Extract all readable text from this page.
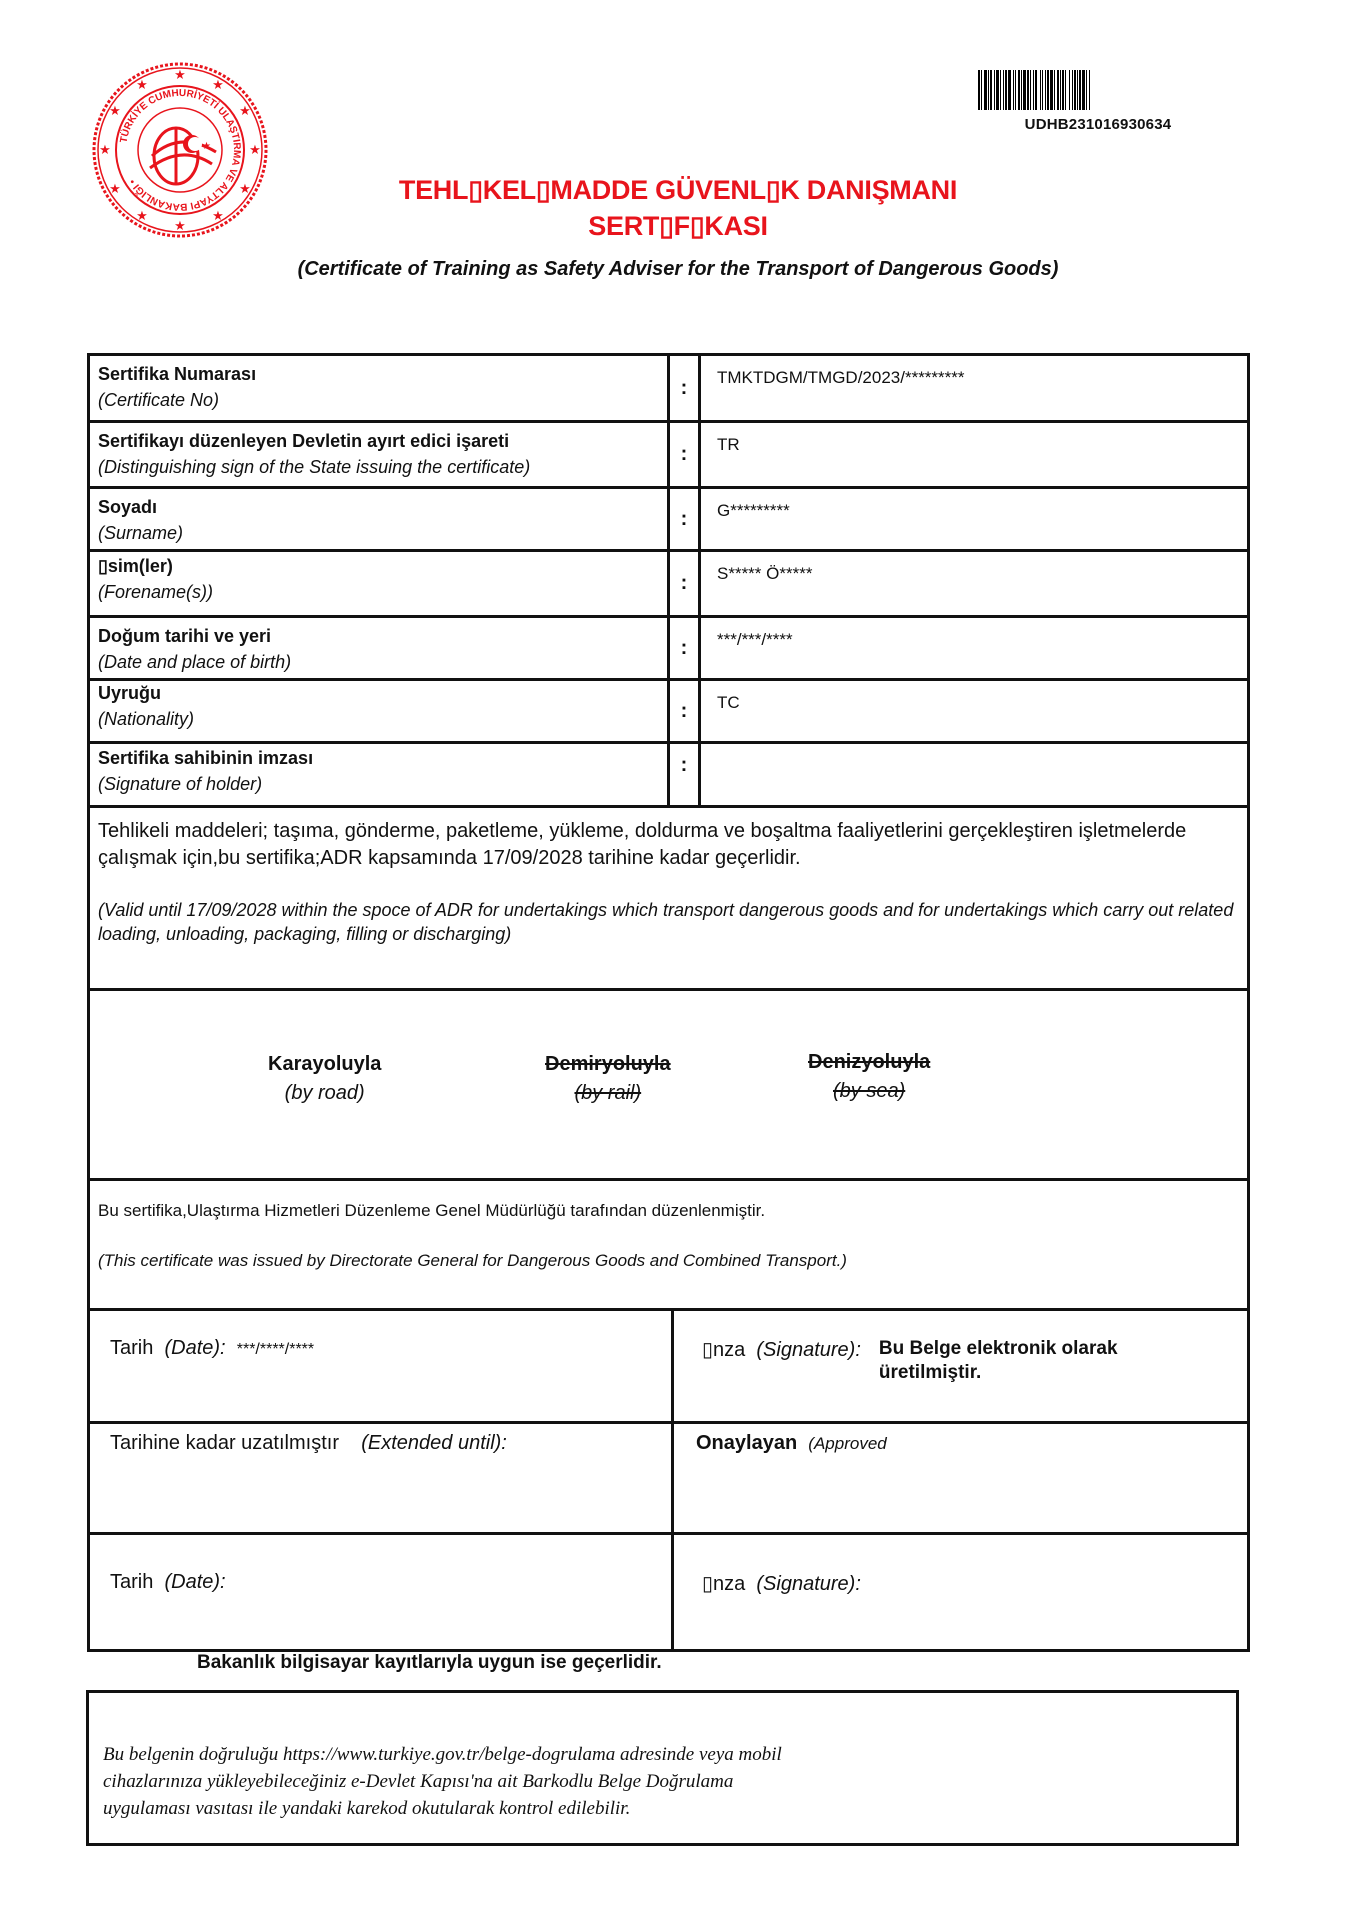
★
★
★
★
★
★
★
★
★
★
★
★
TÜRKİYE CUMHURİYETİ ULAŞTIRMA VE ALTYAPI BAKANLIĞI •
★
UDHB231016930634
TEHL▯KEL▯MADDE GÜVENL▯K DANIŞMANI
SERT▯F▯KASI
(Certificate of Training as Safety Adviser for the Transport of Dangerous Goods)
Sertifika Numarası
(Certificate No)
:	TMKTDGM/TMGD/2023/*********
Sertifikayı düzenleyen Devletin ayırt edici işareti
(Distinguishing sign of the State issuing the certificate)
:	TR
Soyadı
(Surname)
:	G*********
▯sim(ler)
(Forename(s))	:	S***** Ö*****
Doğum tarihi ve yeri
(Date and place of birth)
:	***/***/****
Uyruğu
(Nationality)	:	TC
Sertifika sahibinin imzası
(Signature of holder)
:
Tehlikeli maddeleri; taşıma, gönderme, paketleme, yükleme, doldurma ve boşaltma faaliyetlerini gerçekleştiren işletmelerde çalışmak için,bu sertifika;ADR kapsamında 17/09/2028 tarihine kadar geçerlidir.
(Valid until 17/09/2028 within the spoce of ADR for undertakings which transport dangerous goods and for undertakings which carry out related loading, unloading, packaging, filling or discharging)
Karayoluyla
(by road)
Demiryoluyla
(by rail)
Denizyoluyla
(by sea)
Bu sertifika,Ulaştırma Hizmetleri Düzenleme Genel Müdürlüğü tarafından düzenlenmiştir.
(This certificate was issued by Directorate General for Dangerous Goods and Combined Transport.)
Tarih (Date): ***/****/****	▯nza (Signature): Bu Belge elektronik olarak üretilmiştir.
Tarihine kadar uzatılmıştır (Extended until):	Onaylayan (Approved
Tarih (Date):	▯nza (Signature):
Bakanlık bilgisayar kayıtlarıyla uygun ise geçerlidir.
Bu belgenin doğruluğu https://www.turkiye.gov.tr/belge-dogrulama adresinde veya mobil
cihazlarınıza yükleyebileceğiniz e-Devlet Kapısı'na ait Barkodlu Belge Doğrulama
uygulaması vasıtası ile yandaki karekod okutularak kontrol edilebilir.
